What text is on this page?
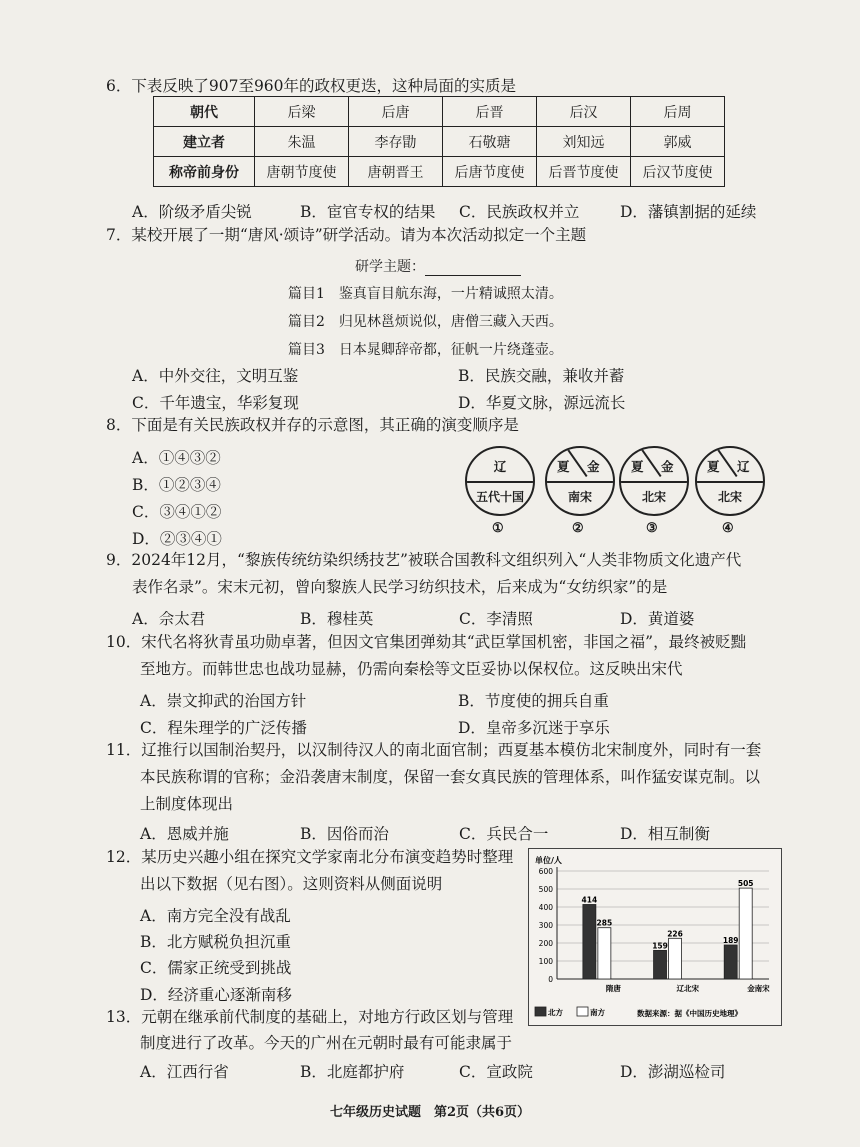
6．下表反映了907至960年的政权更迭，这种局面的实质是
朝代	后梁	后唐	后晋	后汉	后周
建立者	朱温	李存勖	石敬瑭	刘知远	郭威
称帝前身份	唐朝节度使	唐朝晋王	后唐节度使	后晋节度使	后汉节度使
A．阶级矛盾尖锐	B．宦官专权的结果 C．民族政权并立	D．藩镇割据的延续
7．某校开展了一期“唐风·颂诗”研学活动。请为本次活动拟定一个主题
研学主题：
篇目1　鉴真盲目航东海，一片精诚照太清。
篇目2　归见林邕烦说似，唐僧三藏入天西。
篇目3　日本晁卿辞帝都，征帆一片绕蓬壶。
A．中外交往，文明互鉴	B．民族交融，兼收并蓄
C．千年遗宝，华彩复现	D．华夏文脉，源远流长
8．下面是有关民族政权并存的示意图，其正确的演变顺序是
A．①④③②
B．①②③④
C．③④①②
D．②③④①
辽
五代十国
①
夏 金
南宋
②
夏 金
北宋
③
夏 辽
北宋
④
9．2024年12月，“黎族传统纺染织绣技艺”被联合国教科文组织列入“人类非物质文化遗产代
表作名录”。宋末元初，曾向黎族人民学习纺织技术，后来成为“女纺织家”的是
A．佘太君	B．穆桂英	C．李清照	D．黄道婆
10．宋代名将狄青虽功勋卓著，但因文官集团弹劾其“武臣掌国机密，非国之福”，最终被贬黜
至地方。而韩世忠也战功显赫，仍需向秦桧等文臣妥协以保权位。这反映出宋代
A．崇文抑武的治国方针	B．节度使的拥兵自重
C．程朱理学的广泛传播	D．皇帝多沉迷于享乐
11．辽推行以国制治契丹，以汉制待汉人的南北面官制；西夏基本模仿北宋制度外，同时有一套
本民族称谓的官称；金沿袭唐末制度，保留一套女真民族的管理体系，叫作猛安谋克制。以
上制度体现出
A．恩威并施	B．因俗而治	C．兵民合一	D．相互制衡
12．某历史兴趣小组在探究文学家南北分布演变趋势时整理
出以下数据（见右图）。这则资料从侧面说明
A．南方完全没有战乱
B．北方赋税负担沉重
C．儒家正统受到挑战
D．经济重心逐渐南移
单位/人
0
100
200
300
400
500
600
414
285
隋唐
159
226
辽北宋
189
505
金南宋
北方	南方	数据来源：据《中国历史地理》
13．元朝在继承前代制度的基础上，对地方行政区划与管理
制度进行了改革。今天的广州在元朝时最有可能隶属于
A．江西行省	B．北庭都护府	C．宣政院	D．澎湖巡检司
七年级历史试题　第2页（共6页）
